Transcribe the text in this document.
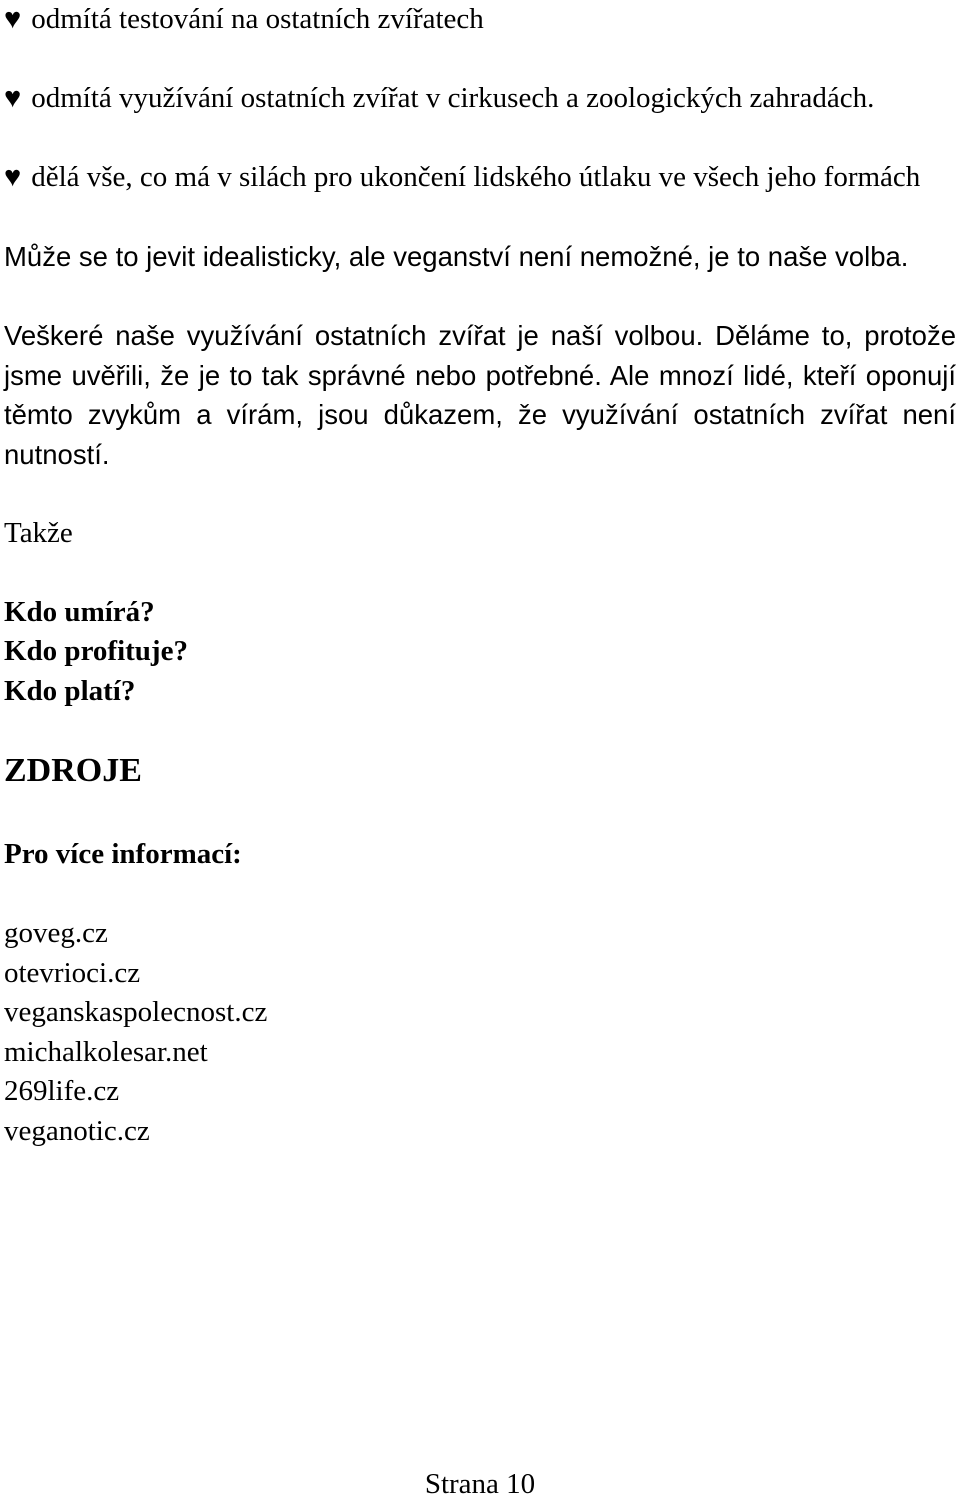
♥ odmítá testování na ostatních zvířatech

♥ odmítá využívání ostatních zvířat v cirkusech a zoologických zahradách.

♥ dělá vše, co má v silách pro ukončení lidského útlaku ve všech jeho formách

Může se to jevit idealisticky, ale veganství není nemožné, je to naše volba.

Veškeré naše využívání ostatních zvířat je naší volbou. Děláme to, protože jsme uvěřili, že je to tak správné nebo potřebné. Ale mnozí lidé, kteří oponují těmto zvykům a vírám, jsou důkazem, že využívání ostatních zvířat není nutností.

Takže

Kdo umírá?

Kdo profituje?

Kdo platí?

ZDROJE

Pro více informací:

goveg.cz
otevrioci.cz
veganskaspolecnost.cz
michalkolesar.net
269life.cz
veganotic.cz
Strana 10
